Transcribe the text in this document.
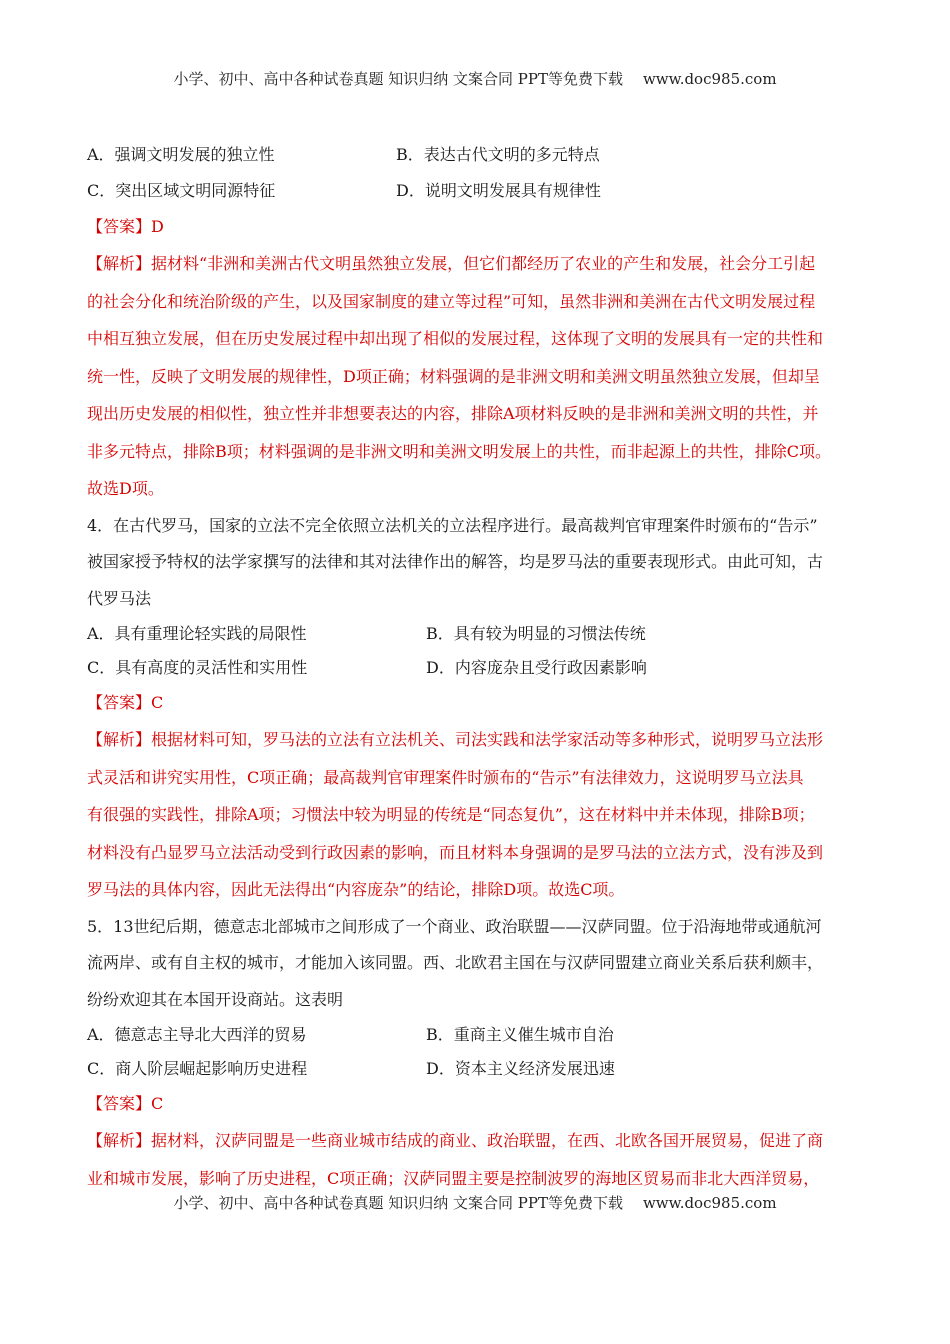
小学、初中、高中各种试卷真题 知识归纳 文案合同 PPT等免费下载 www.doc985.com
A．强调文明发展的独立性	B．表达古代文明的多元特点
C．突出区域文明同源特征	D．说明文明发展具有规律性
【答案】D
【解析】据材料“非洲和美洲古代文明虽然独立发展，但它们都经历了农业的产生和发展，社会分工引起
的社会分化和统治阶级的产生，以及国家制度的建立等过程”可知，虽然非洲和美洲在古代文明发展过程
中相互独立发展，但在历史发展过程中却出现了相似的发展过程，这体现了文明的发展具有一定的共性和
统一性，反映了文明发展的规律性，D项正确；材料强调的是非洲文明和美洲文明虽然独立发展，但却呈
现出历史发展的相似性，独立性并非想要表达的内容，排除A项材料反映的是非洲和美洲文明的共性，并
非多元特点，排除B项；材料强调的是非洲文明和美洲文明发展上的共性，而非起源上的共性，排除C项。
故选D项。
4．在古代罗马，国家的立法不完全依照立法机关的立法程序进行。最高裁判官审理案件时颁布的“告示”
被国家授予特权的法学家撰写的法律和其对法律作出的解答，均是罗马法的重要表现形式。由此可知，古
代罗马法
A．具有重理论轻实践的局限性	B．具有较为明显的习惯法传统
C．具有高度的灵活性和实用性	D．内容庞杂且受行政因素影响
【答案】C
【解析】根据材料可知，罗马法的立法有立法机关、司法实践和法学家活动等多种形式，说明罗马立法形
式灵活和讲究实用性，C项正确；最高裁判官审理案件时颁布的“告示”有法律效力，这说明罗马立法具
有很强的实践性，排除A项；习惯法中较为明显的传统是“同态复仇”，这在材料中并未体现，排除B项；
材料没有凸显罗马立法活动受到行政因素的影响，而且材料本身强调的是罗马法的立法方式，没有涉及到
罗马法的具体内容，因此无法得出“内容庞杂”的结论，排除D项。故选C项。
5．13世纪后期，德意志北部城市之间形成了一个商业、政治联盟——汉萨同盟。位于沿海地带或通航河
流两岸、或有自主权的城市，才能加入该同盟。西、北欧君主国在与汉萨同盟建立商业关系后获利颇丰，
纷纷欢迎其在本国开设商站。这表明
A．德意志主导北大西洋的贸易	B．重商主义催生城市自治
C．商人阶层崛起影响历史进程	D．资本主义经济发展迅速
【答案】C
【解析】据材料，汉萨同盟是一些商业城市结成的商业、政治联盟，在西、北欧各国开展贸易，促进了商
业和城市发展，影响了历史进程，C项正确；汉萨同盟主要是控制波罗的海地区贸易而非北大西洋贸易，
小学、初中、高中各种试卷真题 知识归纳 文案合同 PPT等免费下载 www.doc985.com
